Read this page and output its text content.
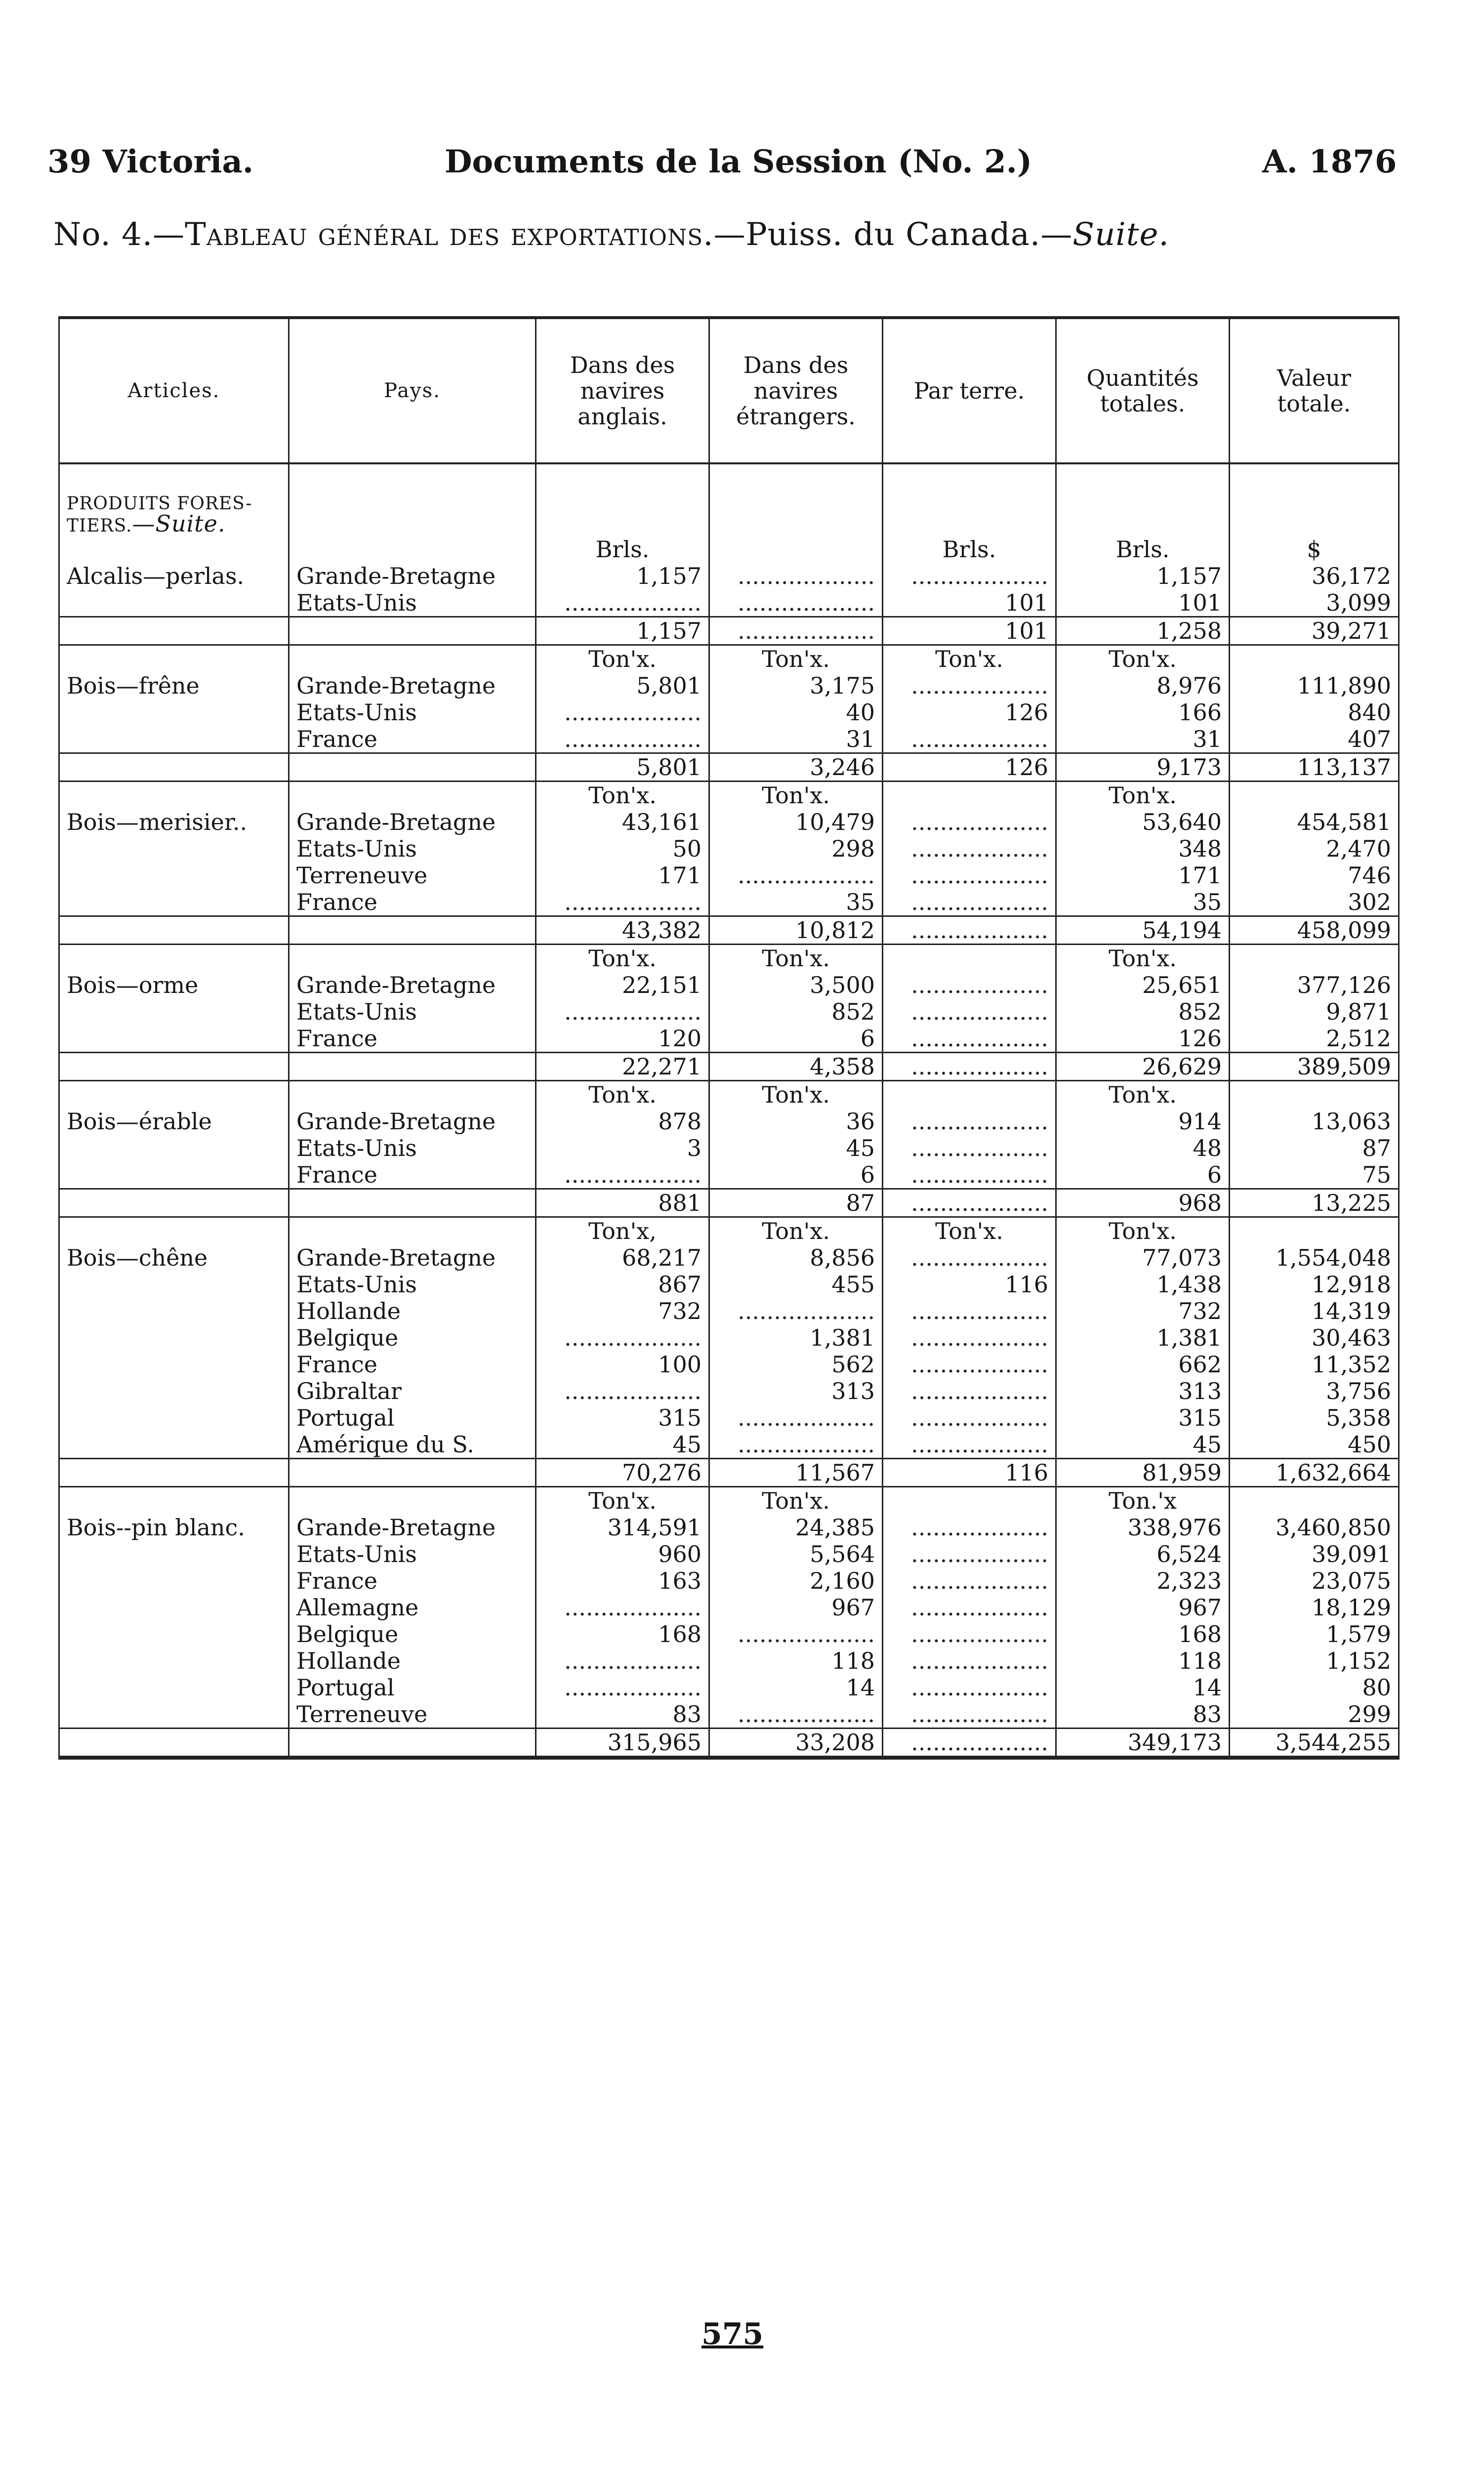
39 Victoria.	Documents de la Session (No. 2.)	A. 1876
No. 4.—Tableau général des exportations.—Puiss. du Canada.—Suite.
Articles.	Pays.	Dans des navires anglais.	Dans des navires étrangers.	Par terre.	Quantités totales.	Valeur totale.
PRODUITS FORES-TIERS.—Suite.						
		Brls.		Brls.	Brls.	$
Alcalis—perlas.	Grande-Bretagne	1,157	...................	...................	1,157	36,172
	Etats-Unis	...................	...................	101	101	3,099
		1,157	...................	101	1,258	39,271
		Ton'x.	Ton'x.	Ton'x.	Ton'x.	
Bois—frêne	Grande-Bretagne	5,801	3,175	...................	8,976	111,890
	Etats-Unis	...................	40	126	166	840
	France	...................	31	...................	31	407
		5,801	3,246	126	9,173	113,137
		Ton'x.	Ton'x.		Ton'x.	
Bois—merisier..	Grande-Bretagne	43,161	10,479	...................	53,640	454,581
	Etats-Unis	50	298	...................	348	2,470
	Terreneuve	171	...................	...................	171	746
	France	...................	35	...................	35	302
		43,382	10,812	...................	54,194	458,099
		Ton'x.	Ton'x.		Ton'x.	
Bois—orme	Grande-Bretagne	22,151	3,500	...................	25,651	377,126
	Etats-Unis	...................	852	...................	852	9,871
	France	120	6	...................	126	2,512
		22,271	4,358	...................	26,629	389,509
		Ton'x.	Ton'x.		Ton'x.	
Bois—érable	Grande-Bretagne	878	36	...................	914	13,063
	Etats-Unis	3	45	...................	48	87
	France	...................	6	...................	6	75
		881	87	...................	968	13,225
		Ton'x,	Ton'x.	Ton'x.	Ton'x.	
Bois—chêne	Grande-Bretagne	68,217	8,856	...................	77,073	1,554,048
	Etats-Unis	867	455	116	1,438	12,918
	Hollande	732	...................	...................	732	14,319
	Belgique	...................	1,381	...................	1,381	30,463
	France	100	562	...................	662	11,352
	Gibraltar	...................	313	...................	313	3,756
	Portugal	315	...................	...................	315	5,358
	Amérique du S.	45	...................	...................	45	450
		70,276	11,567	116	81,959	1,632,664
		Ton'x.	Ton'x.		Ton.'x	
Bois--pin blanc.	Grande-Bretagne	314,591	24,385	...................	338,976	3,460,850
	Etats-Unis	960	5,564	...................	6,524	39,091
	France	163	2,160	...................	2,323	23,075
	Allemagne	...................	967	...................	967	18,129
	Belgique	168	...................	...................	168	1,579
	Hollande	...................	118	...................	118	1,152
	Portugal	...................	14	...................	14	80
	Terreneuve	83	...................	...................	83	299
		315,965	33,208	...................	349,173	3,544,255
575
